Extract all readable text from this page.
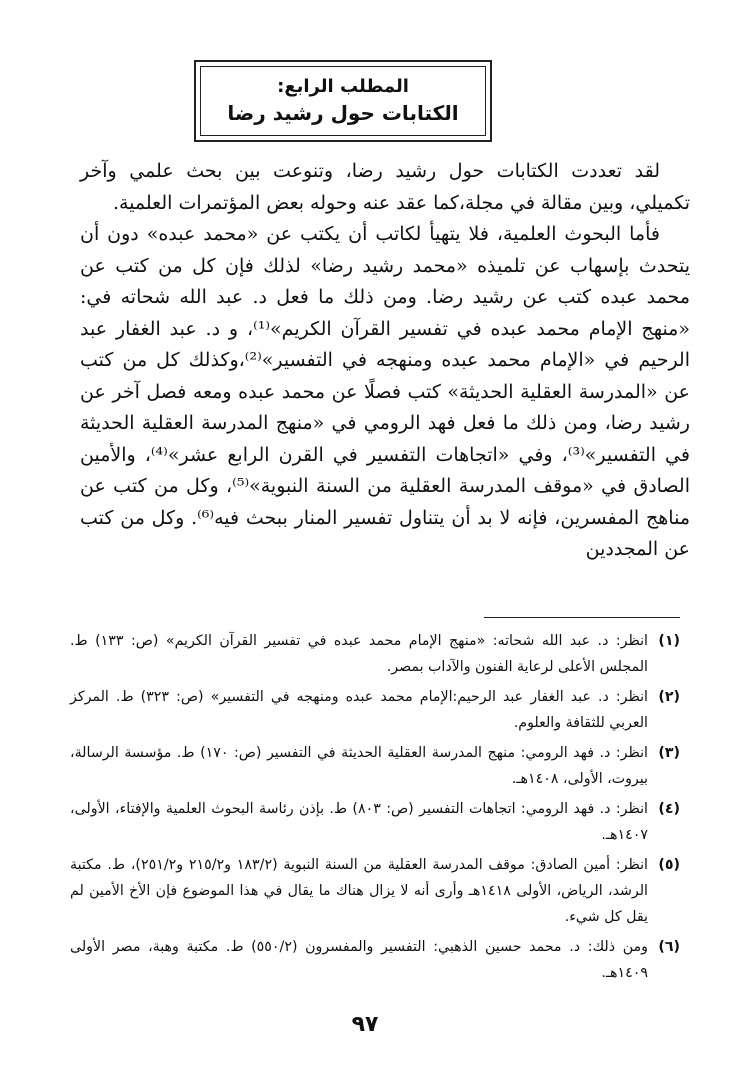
المطلب الرابع:
الكتابات حول رشيد رضا

لقد تعددت الكتابات حول رشيد رضا، وتنوعت بين بحث علمي وآخر تكميلي، وبين مقالة في مجلة،كما عقد عنه وحوله بعض المؤتمرات العلمية.

فأما البحوث العلمية، فلا يتهيأ لكاتب أن يكتب عن «محمد عبده» دون أن يتحدث بإسهاب عن تلميذه «محمد رشيد رضا» لذلك فإن كل من كتب عن محمد عبده كتب عن رشيد رضا. ومن ذلك ما فعل د. عبد الله شحاته في: «منهج الإمام محمد عبده في تفسير القرآن الكريم»⁽¹⁾، و د. عبد الغفار عبد الرحيم في «الإمام محمد عبده ومنهجه في التفسير»⁽²⁾،وكذلك كل من كتب عن «المدرسة العقلية الحديثة» كتب فصلًا عن محمد عبده ومعه فصل آخر عن رشيد رضا، ومن ذلك ما فعل فهد الرومي في «منهج المدرسة العقلية الحديثة في التفسير»⁽³⁾، وفي «اتجاهات التفسير في القرن الرابع عشر»⁽⁴⁾، والأمين الصادق في «موقف المدرسة العقلية من السنة النبوية»⁽⁵⁾، وكل من كتب عن مناهج المفسرين، فإنه لا بد أن يتناول تفسير المنار ببحث فيه⁽⁶⁾. وكل من كتب عن المجددين

(١)
انظر: د. عبد الله شحاته: «منهج الإمام محمد عبده في تفسير القرآن الكريم» (ص: ١٣٣) ط. المجلس الأعلى لرعاية الفنون والآداب بمصر.
(٢)
انظر: د. عبد الغفار عبد الرحيم:الإمام محمد عبده ومنهجه في التفسير» (ص: ٣٢٣) ط. المركز العربي للثقافة والعلوم.
(٣)
انظر: د. فهد الرومي: منهج المدرسة العقلية الحديثة في التفسير (ص: ١٧٠) ط. مؤسسة الرسالة، بيروت، الأولى، ١٤٠٨هـ.
(٤)
انظر: د. فهد الرومي: اتجاهات التفسير (ص: ٨٠٣) ط. بإذن رئاسة البحوث العلمية والإفتاء، الأولى، ١٤٠٧هـ.
(٥)
انظر: أمين الصادق: موقف المدرسة العقلية من السنة النبوية (١٨٣/٢ و٢١٥/٢ و٢٥١/٢)، ط. مكتبة الرشد، الرياض، الأولى ١٤١٨هـ وأرى أنه لا يزال هناك ما يقال في هذا الموضوع فإن الأخ الأمين لم يقل كل شيء.
(٦)
ومن ذلك: د. محمد حسين الذهبي: التفسير والمفسرون (٥٥٠/٢) ط. مكتبة وهبة، مصر الأولى ١٤٠٩هـ.
٩٧
